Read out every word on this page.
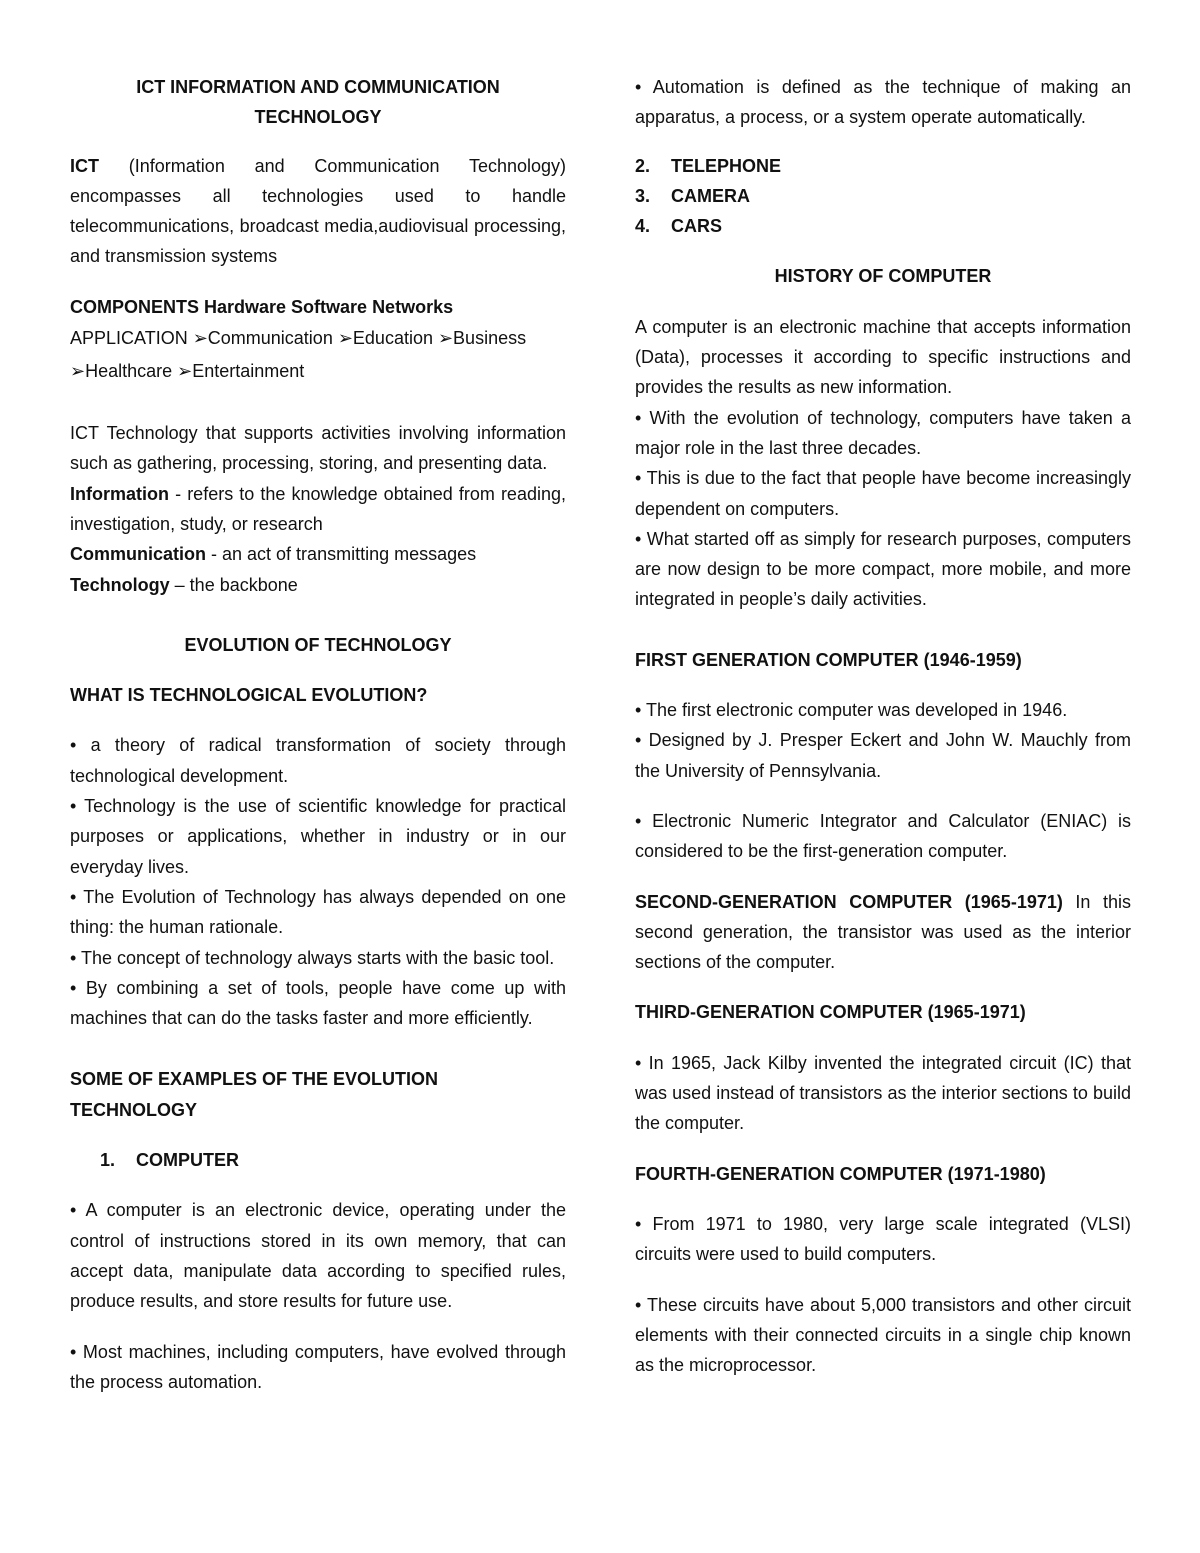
ICT INFORMATION AND COMMUNICATION

TECHNOLOGY

ICT (Information and Communication Technology) encompasses all technologies used to handle telecommunications, broadcast media,audiovisual processing, and transmission systems

COMPONENTS Hardware Software Networks

APPLICATION ➢Communication ➢Education ➢Business

➢Healthcare ➢Entertainment

ICT Technology that supports activities involving information such as gathering, processing, storing, and presenting data.

Information - refers to the knowledge obtained from reading, investigation, study, or research

Communication - an act of transmitting messages

Technology – the backbone

EVOLUTION OF TECHNOLOGY

WHAT IS TECHNOLOGICAL EVOLUTION?

• a theory of radical transformation of society through technological development.

• Technology is the use of scientific knowledge for practical purposes or applications, whether in industry or in our everyday lives.

• The Evolution of Technology has always depended on one thing: the human rationale.

• The concept of technology always starts with the basic tool.

• By combining a set of tools, people have come up with machines that can do the tasks faster and more efficiently.

SOME OF EXAMPLES OF THE EVOLUTION TECHNOLOGY

1.	COMPUTER

• A computer is an electronic device, operating under the control of instructions stored in its own memory, that can accept data, manipulate data according to specified rules, produce results, and store results for future use.

• Most machines, including computers, have evolved through the process automation.

• Automation is defined as the technique of making an apparatus, a process, or a system operate automatically.

2.	TELEPHONE

3.	CAMERA

4.	CARS

HISTORY OF COMPUTER

A computer is an electronic machine that accepts information (Data), processes it according to specific instructions and provides the results as new information.

• With the evolution of technology, computers have taken a major role in the last three decades.

• This is due to the fact that people have become increasingly dependent on computers.

• What started off as simply for research purposes, computers are now design to be more compact, more mobile, and more integrated in people’s daily activities.

FIRST GENERATION COMPUTER (1946-1959)

• The first electronic computer was developed in 1946.

• Designed by J. Presper Eckert and John W. Mauchly from the University of Pennsylvania.

• Electronic Numeric Integrator and Calculator (ENIAC) is considered to be the first-generation computer.

SECOND-GENERATION COMPUTER (1965-1971) In this second generation, the transistor was used as the interior sections of the computer.

THIRD-GENERATION COMPUTER (1965-1971)

• In 1965, Jack Kilby invented the integrated circuit (IC) that was used instead of transistors as the interior sections to build the computer.

FOURTH-GENERATION COMPUTER (1971-1980)

• From 1971 to 1980, very large scale integrated (VLSI) circuits were used to build computers.

• These circuits have about 5,000 transistors and other circuit elements with their connected circuits in a single chip known as the microprocessor.
